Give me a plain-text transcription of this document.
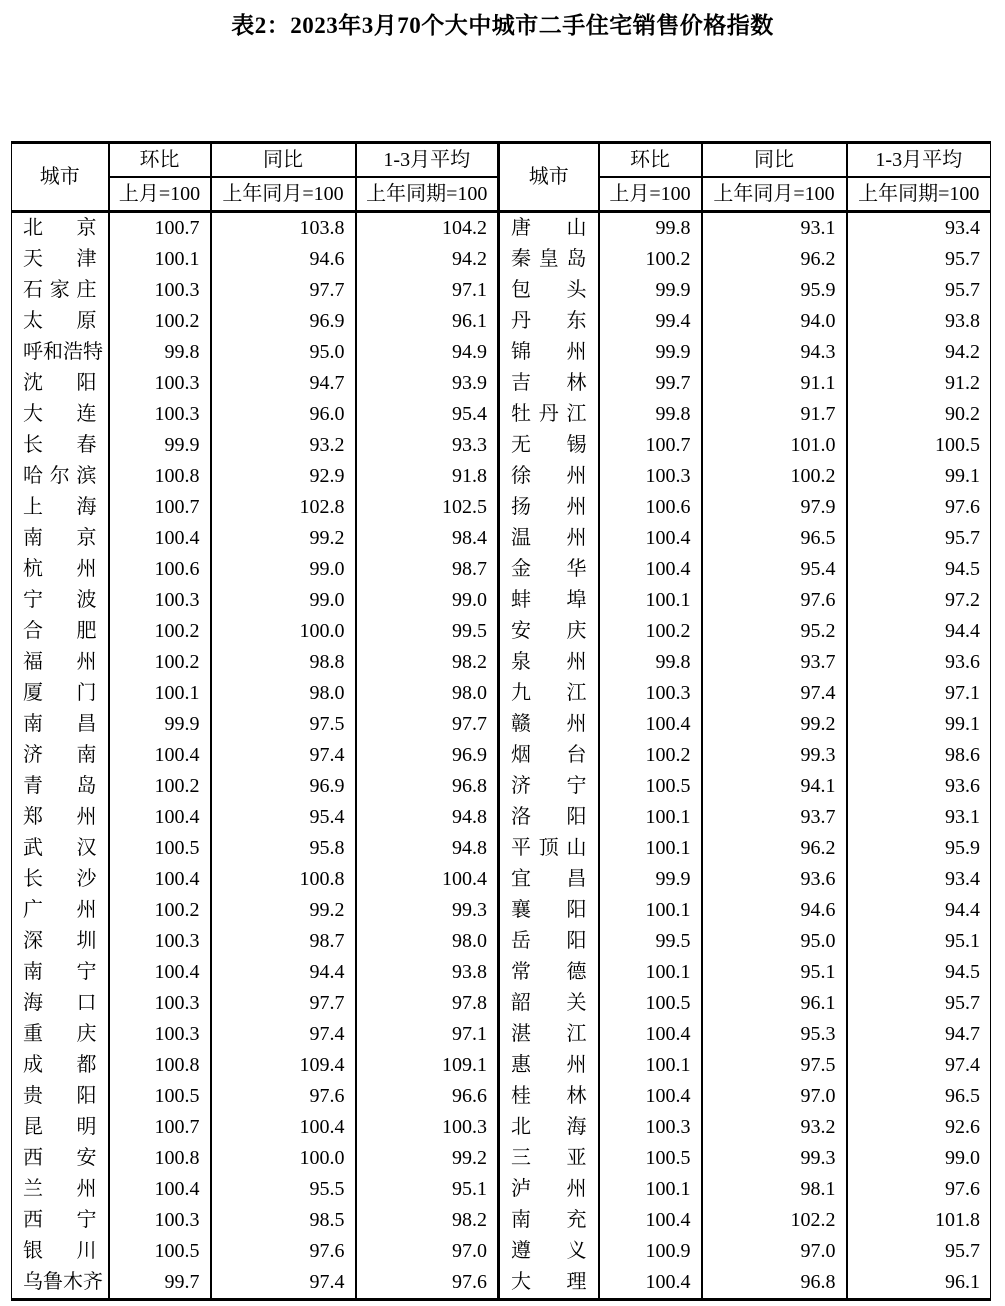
表2：2023年3月70个大中城市二手住宅销售价格指数
城市	环比	同比	1-3月平均	城市	环比	同比	1-3月平均
	上月=100	上年同月=100	上年同期=100		上月=100	上年同月=100	上年同期=100

北京	100.7	103.8	104.2	唐山	99.8	93.1	93.4

天津	100.1	94.6	94.2	秦皇岛	100.2	96.2	95.7

石家庄	100.3	97.7	97.1	包头	99.9	95.9	95.7

太原	100.2	96.9	96.1	丹东	99.4	94.0	93.8

呼和浩特	99.8	95.0	94.9	锦州	99.9	94.3	94.2

沈阳	100.3	94.7	93.9	吉林	99.7	91.1	91.2

大连	100.3	96.0	95.4	牡丹江	99.8	91.7	90.2

长春	99.9	93.2	93.3	无锡	100.7	101.0	100.5

哈尔滨	100.8	92.9	91.8	徐州	100.3	100.2	99.1

上海	100.7	102.8	102.5	扬州	100.6	97.9	97.6

南京	100.4	99.2	98.4	温州	100.4	96.5	95.7

杭州	100.6	99.0	98.7	金华	100.4	95.4	94.5

宁波	100.3	99.0	99.0	蚌埠	100.1	97.6	97.2

合肥	100.2	100.0	99.5	安庆	100.2	95.2	94.4

福州	100.2	98.8	98.2	泉州	99.8	93.7	93.6

厦门	100.1	98.0	98.0	九江	100.3	97.4	97.1

南昌	99.9	97.5	97.7	赣州	100.4	99.2	99.1

济南	100.4	97.4	96.9	烟台	100.2	99.3	98.6

青岛	100.2	96.9	96.8	济宁	100.5	94.1	93.6

郑州	100.4	95.4	94.8	洛阳	100.1	93.7	93.1

武汉	100.5	95.8	94.8	平顶山	100.1	96.2	95.9

长沙	100.4	100.8	100.4	宜昌	99.9	93.6	93.4

广州	100.2	99.2	99.3	襄阳	100.1	94.6	94.4

深圳	100.3	98.7	98.0	岳阳	99.5	95.0	95.1

南宁	100.4	94.4	93.8	常德	100.1	95.1	94.5

海口	100.3	97.7	97.8	韶关	100.5	96.1	95.7

重庆	100.3	97.4	97.1	湛江	100.4	95.3	94.7

成都	100.8	109.4	109.1	惠州	100.1	97.5	97.4

贵阳	100.5	97.6	96.6	桂林	100.4	97.0	96.5

昆明	100.7	100.4	100.3	北海	100.3	93.2	92.6

西安	100.8	100.0	99.2	三亚	100.5	99.3	99.0

兰州	100.4	95.5	95.1	泸州	100.1	98.1	97.6

西宁	100.3	98.5	98.2	南充	100.4	102.2	101.8

银川	100.5	97.6	97.0	遵义	100.9	97.0	95.7

乌鲁木齐	99.7	97.4	97.6	大理	100.4	96.8	96.1
